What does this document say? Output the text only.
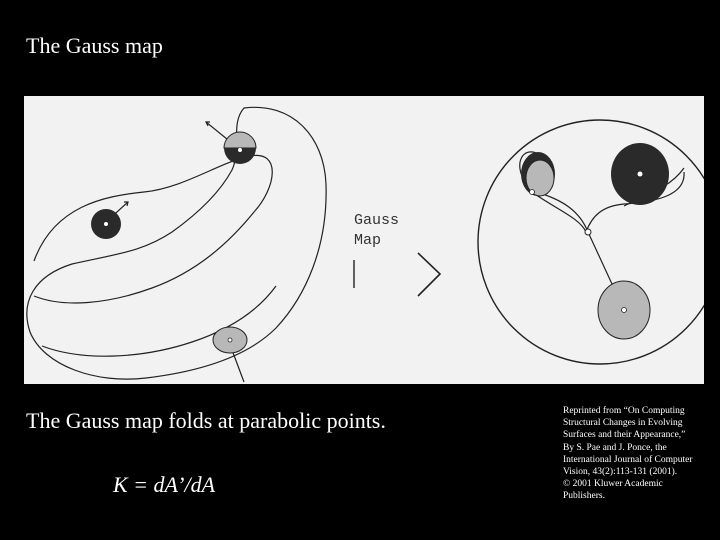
The Gauss map
Gauss
Map
The Gauss map folds at parabolic points.
K = dA’/dA
Reprinted from “On Computing
Structural Changes in Evolving
Surfaces and their Appearance,”
By S. Pae and J. Ponce, the
International Journal of Computer
Vision, 43(2):113-131 (2001).
© 2001 Kluwer Academic
Publishers.
